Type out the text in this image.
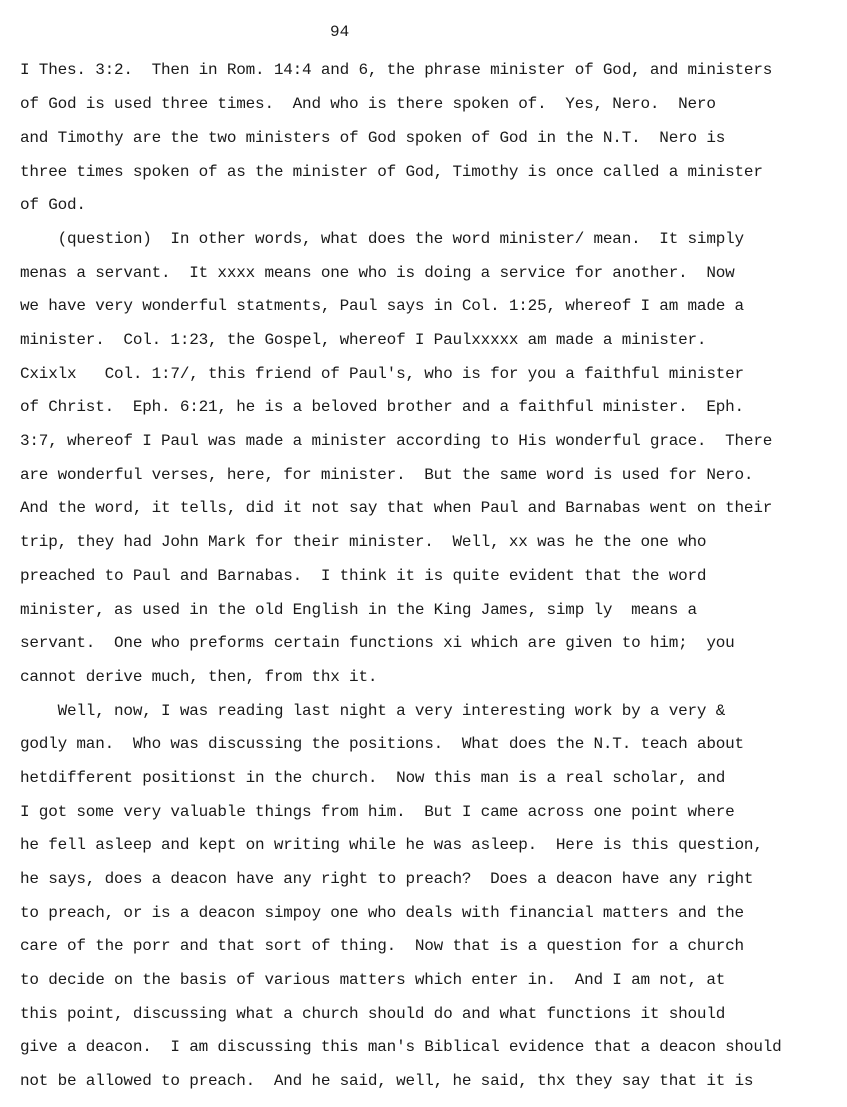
94
I Thes. 3:2.  Then in Rom. 14:4 and 6, the phrase minister of God, and ministers
of God is used three times.  And who is there spoken of.  Yes, Nero.  Nero
and Timothy are the two ministers of God spoken of God in the N.T.  Nero is
three times spoken of as the minister of God, Timothy is once called a minister
of God.
(question)  In other words, what does the word minister/ mean.  It simply
menas a servant.  It xxxx means one who is doing a service for another.  Now
we have very wonderful statments, Paul says in Col. 1:25, whereof I am made a
minister.  Col. 1:23, the Gospel, whereof I Paulxxxxx am made a minister.
Cxixlx   Col. 1:7/, this friend of Paul's, who is for you a faithful minister
of Christ.  Eph. 6:21, he is a beloved brother and a faithful minister.  Eph.
3:7, whereof I Paul was made a minister according to His wonderful grace.  There
are wonderful verses, here, for minister.  But the same word is used for Nero.
And the word, it tells, did it not say that when Paul and Barnabas went on their
trip, they had John Mark for their minister.  Well, xx was he the one who
preached to Paul and Barnabas.  I think it is quite evident that the word
minister, as used in the old English in the King James, simp ly  means a
servant.  One who preforms certain functions xi which are given to him;  you
cannot derive much, then, from thx it.
Well, now, I was reading last night a very interesting work by a very &
godly man.  Who was discussing the positions.  What does the N.T. teach about
hetdifferent positionst in the church.  Now this man is a real scholar, and
I got some very valuable things from him.  But I came across one point where
he fell asleep and kept on writing while he was asleep.  Here is this question,
he says, does a deacon have any right to preach?  Does a deacon have any right
to preach, or is a deacon simpoy one who deals with financial matters and the
care of the porr and that sort of thing.  Now that is a question for a church
to decide on the basis of various matters which enter in.  And I am not, at
this point, discussing what a church should do and what functions it should
give a deacon.  I am discussing this man's Biblical evidence that a deacon should
not be allowed to preach.  And he said, well, he said, thx they say that it is
